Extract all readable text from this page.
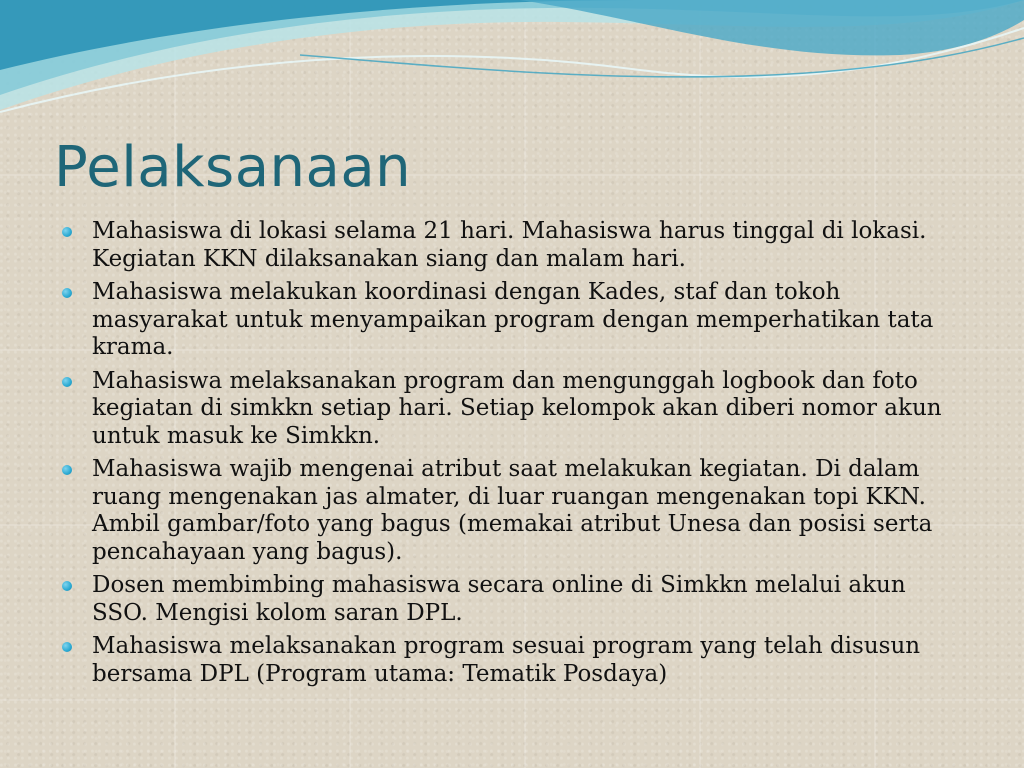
Pelaksanaan
Mahasiswa di lokasi selama 21 hari. Mahasiswa harus tinggal di lokasi. Kegiatan KKN dilaksanakan siang dan malam hari.
Mahasiswa melakukan koordinasi dengan Kades, staf dan tokoh masyarakat untuk menyampaikan program dengan memperhatikan tata krama.
Mahasiswa melaksanakan program dan mengunggah logbook dan foto kegiatan di simkkn setiap hari. Setiap kelompok akan diberi nomor akun untuk masuk ke Simkkn.
Mahasiswa wajib mengenai atribut saat melakukan kegiatan. Di dalam ruang mengenakan jas almater, di luar ruangan mengenakan topi KKN. Ambil gambar/foto yang bagus (memakai atribut Unesa dan posisi serta pencahayaan yang bagus).
Dosen membimbing mahasiswa secara online di Simkkn melalui akun SSO. Mengisi kolom saran DPL.
Mahasiswa melaksanakan program sesuai program yang telah disusun bersama DPL (Program utama: Tematik Posdaya)
